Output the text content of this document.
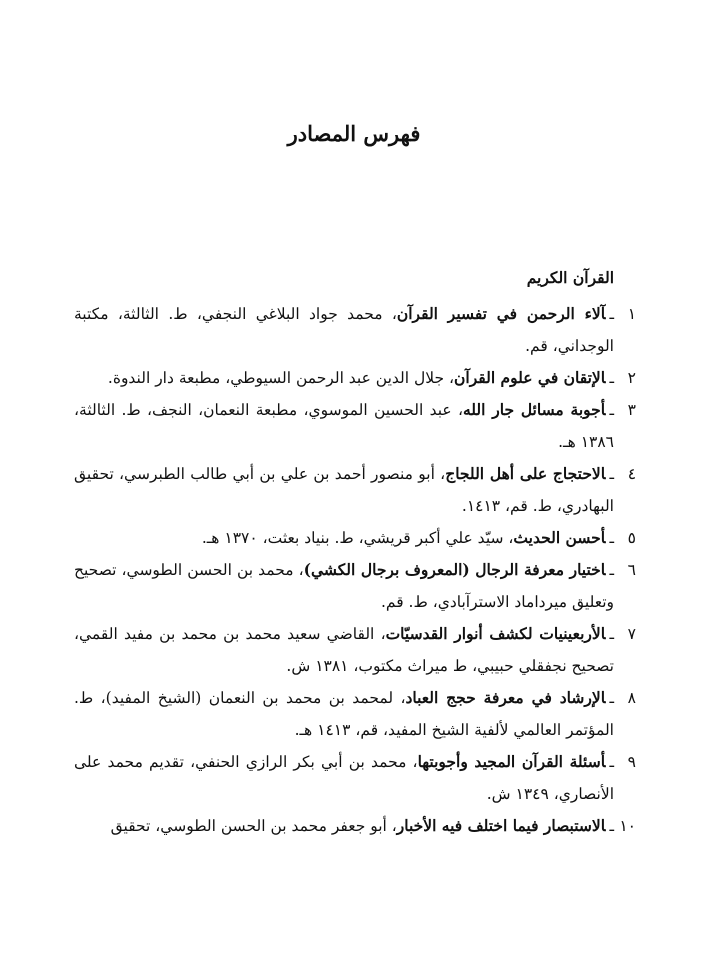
فهرس المصادر
القرآن الكريم
١ـآلاء الرحمن في تفسير القرآن، محمد جواد البلاغي النجفي، ط. الثالثة، مكتبة الوجداني، قم.
٢ـالإتقان في علوم القرآن، جلال الدين عبد الرحمن السيوطي، مطبعة دار الندوة.
٣ـأجوبة مسائل جار الله، عبد الحسين الموسوي، مطبعة النعمان، النجف، ط. الثالثة، ١٣٨٦ هـ.
٤ـالاحتجاج على أهل اللجاج، أبو منصور أحمد بن علي بن أبي طالب الطبرسي، تحقيق البهادري، ط. قم، ١٤١٣.
٥ـأحسن الحديث، سيّد علي أكبر قريشي، ط. بنياد بعثت، ١٣٧٠ هـ.
٦ـاختيار معرفة الرجال (المعروف برجال الكشي)، محمد بن الحسن الطوسي، تصحيح وتعليق ميرداماد الاسترآبادي، ط. قم.
٧ـالأربعينيات لكشف أنوار القدسيّات، القاضي سعيد محمد بن محمد بن مفيد القمي، تصحيح نجفقلي حبيبي، ط ميراث مكتوب، ١٣٨١ ش.
٨ـالإرشاد في معرفة حجج العباد، لمحمد بن محمد بن النعمان (الشيخ المفيد)، ط. المؤتمر العالمي لألفية الشيخ المفيد، قم، ١٤١٣ هـ.
٩ـأسئلة القرآن المجيد وأجوبتها، محمد بن أبي بكر الرازي الحنفي، تقديم محمد على الأنصاري، ١٣٤٩ ش.
١٠ـالاستبصار فيما اختلف فيه الأخبار، أبو جعفر محمد بن الحسن الطوسي، تحقيق
